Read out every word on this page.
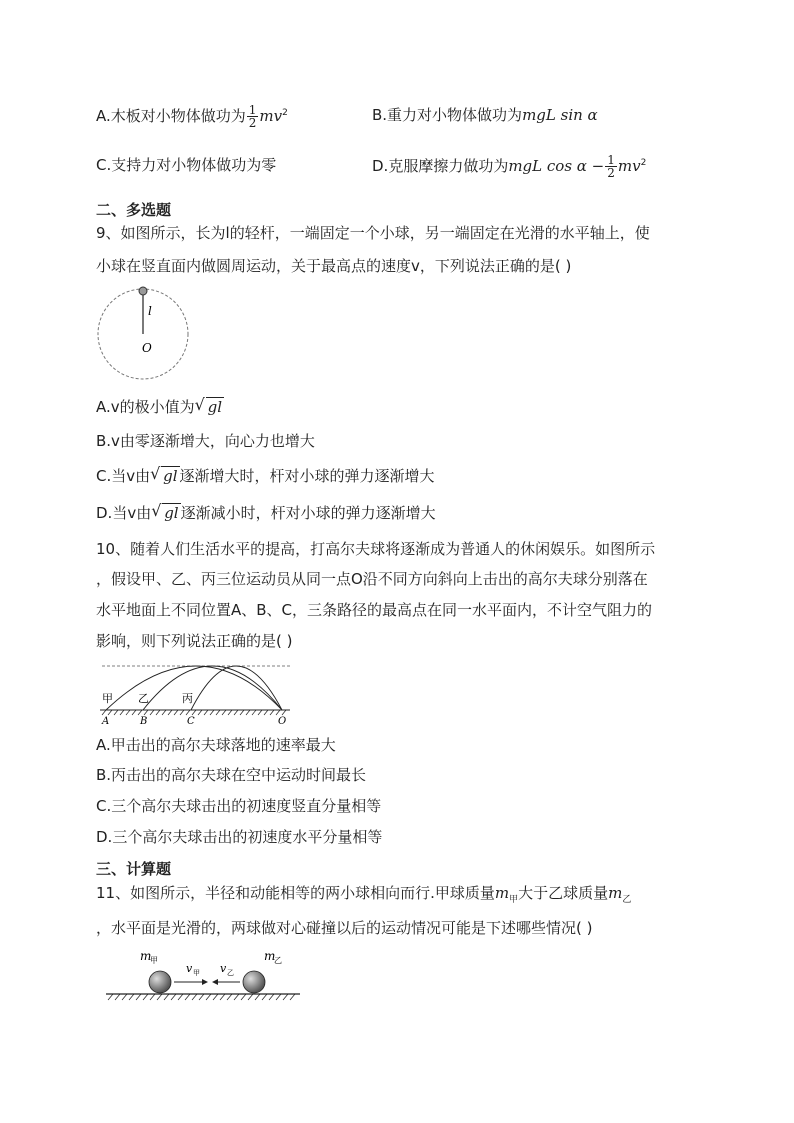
A.木板对小物体做功为 $\frac{1}{2} mv^2$	B.重力对小物体做功为mgL sin α
C.支持力对小物体做功为零	D.克服摩擦力做功为mgL $\cos \alpha - \frac{1}{2} mv^2$
二、多选题
9、如图所示，长为l的轻杆，一端固定一个小球，另一端固定在光滑的水平轴上，使
小球在竖直面内做圆周运动，关于最高点的速度v，下列说法正确的是( )
l
O
A.v的极小值为 √ gl
B.v由零逐渐增大，向心力也增大
C.当v由 √ gl 逐渐增大时，杆对小球的弹力逐渐增大
D.当v由 √ gl 逐渐减小时，杆对小球的弹力逐渐增大
10、随着人们生活水平的提高，打高尔夫球将逐渐成为普通人的休闲娱乐。如图所示
，假设甲、乙、丙三位运动员从同一点O沿不同方向斜向上击出的高尔夫球分别落在
水平地面上不同位置A、B、C，三条路径的最高点在同一水平面内，不计空气阻力的
影响，则下列说法正确的是( )
甲 乙	丙
A	B	C	O
A.甲击出的高尔夫球落地的速率最大
B.丙击出的高尔夫球在空中运动时间最长
C.三个高尔夫球击出的初速度竖直分量相等
D.三个高尔夫球击出的初速度水平分量相等
三、计算题
11、如图所示，半径和动能相等的两小球相向而行.甲球质量$m_甲$大于乙球质量$m_乙$
，水平面是光滑的，两球做对心碰撞以后的运动情况可能是下述哪些情况( )
m
甲	m
乙
v 甲 v 乙
